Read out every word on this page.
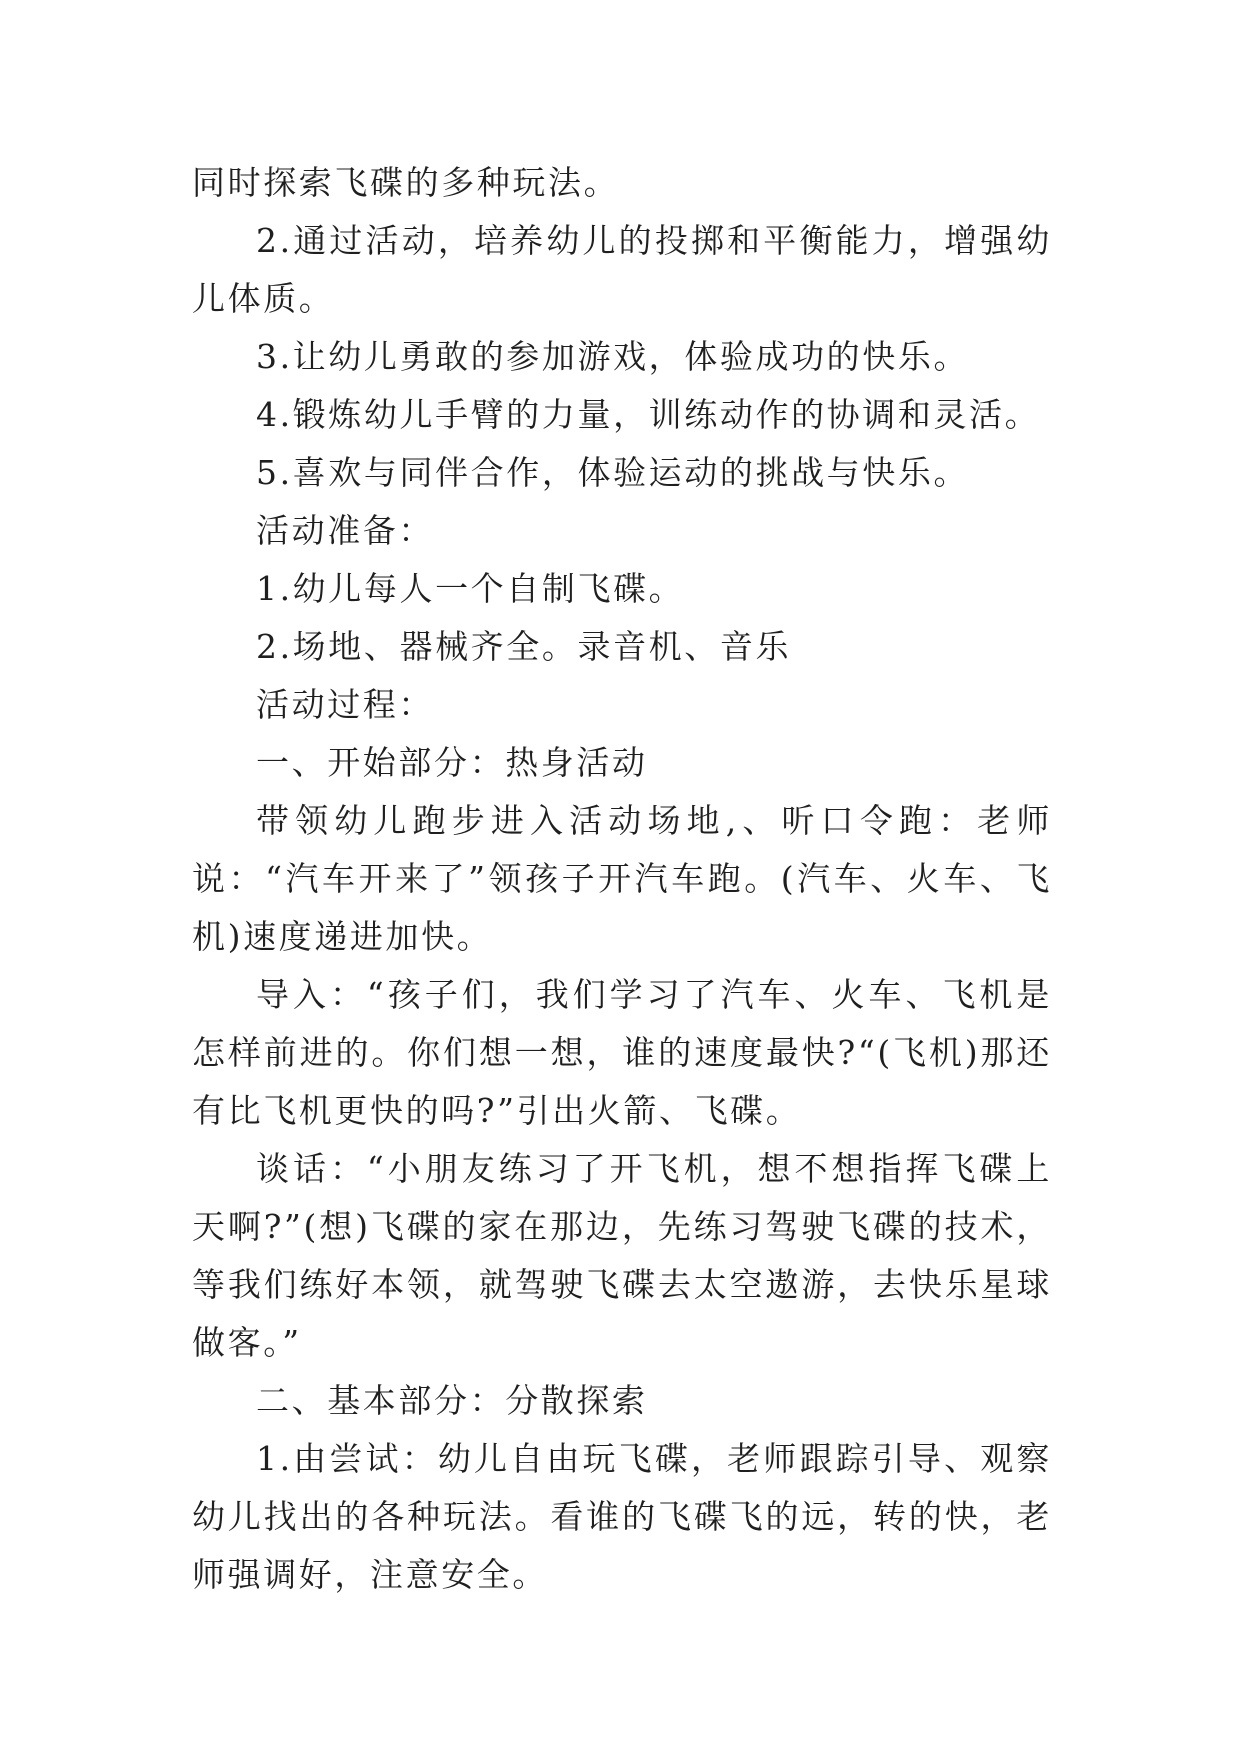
同时探索飞碟的多种玩法。

2.通过活动，培养幼儿的投掷和平衡能力，增强幼儿体质。

3.让幼儿勇敢的参加游戏，体验成功的快乐。

4.锻炼幼儿手臂的力量，训练动作的协调和灵活。

5.喜欢与同伴合作，体验运动的挑战与快乐。

活动准备：

1.幼儿每人一个自制飞碟。

2.场地、器械齐全。录音机、音乐

活动过程：

一、开始部分：热身活动

带领幼儿跑步进入活动场地,、听口令跑：老师说：“汽车开来了”领孩子开汽车跑。(汽车、火车、飞机)速度递进加快。

导入：“孩子们，我们学习了汽车、火车、飞机是怎样前进的。你们想一想，谁的速度最快?“(飞机)那还有比飞机更快的吗?”引出火箭、飞碟。

谈话：“小朋友练习了开飞机，想不想指挥飞碟上天啊?”(想)飞碟的家在那边，先练习驾驶飞碟的技术，等我们练好本领，就驾驶飞碟去太空遨游，去快乐星球做客。”

二、基本部分：分散探索

1.由尝试：幼儿自由玩飞碟，老师跟踪引导、观察幼儿找出的各种玩法。看谁的飞碟飞的远，转的快，老师强调好，注意安全。
